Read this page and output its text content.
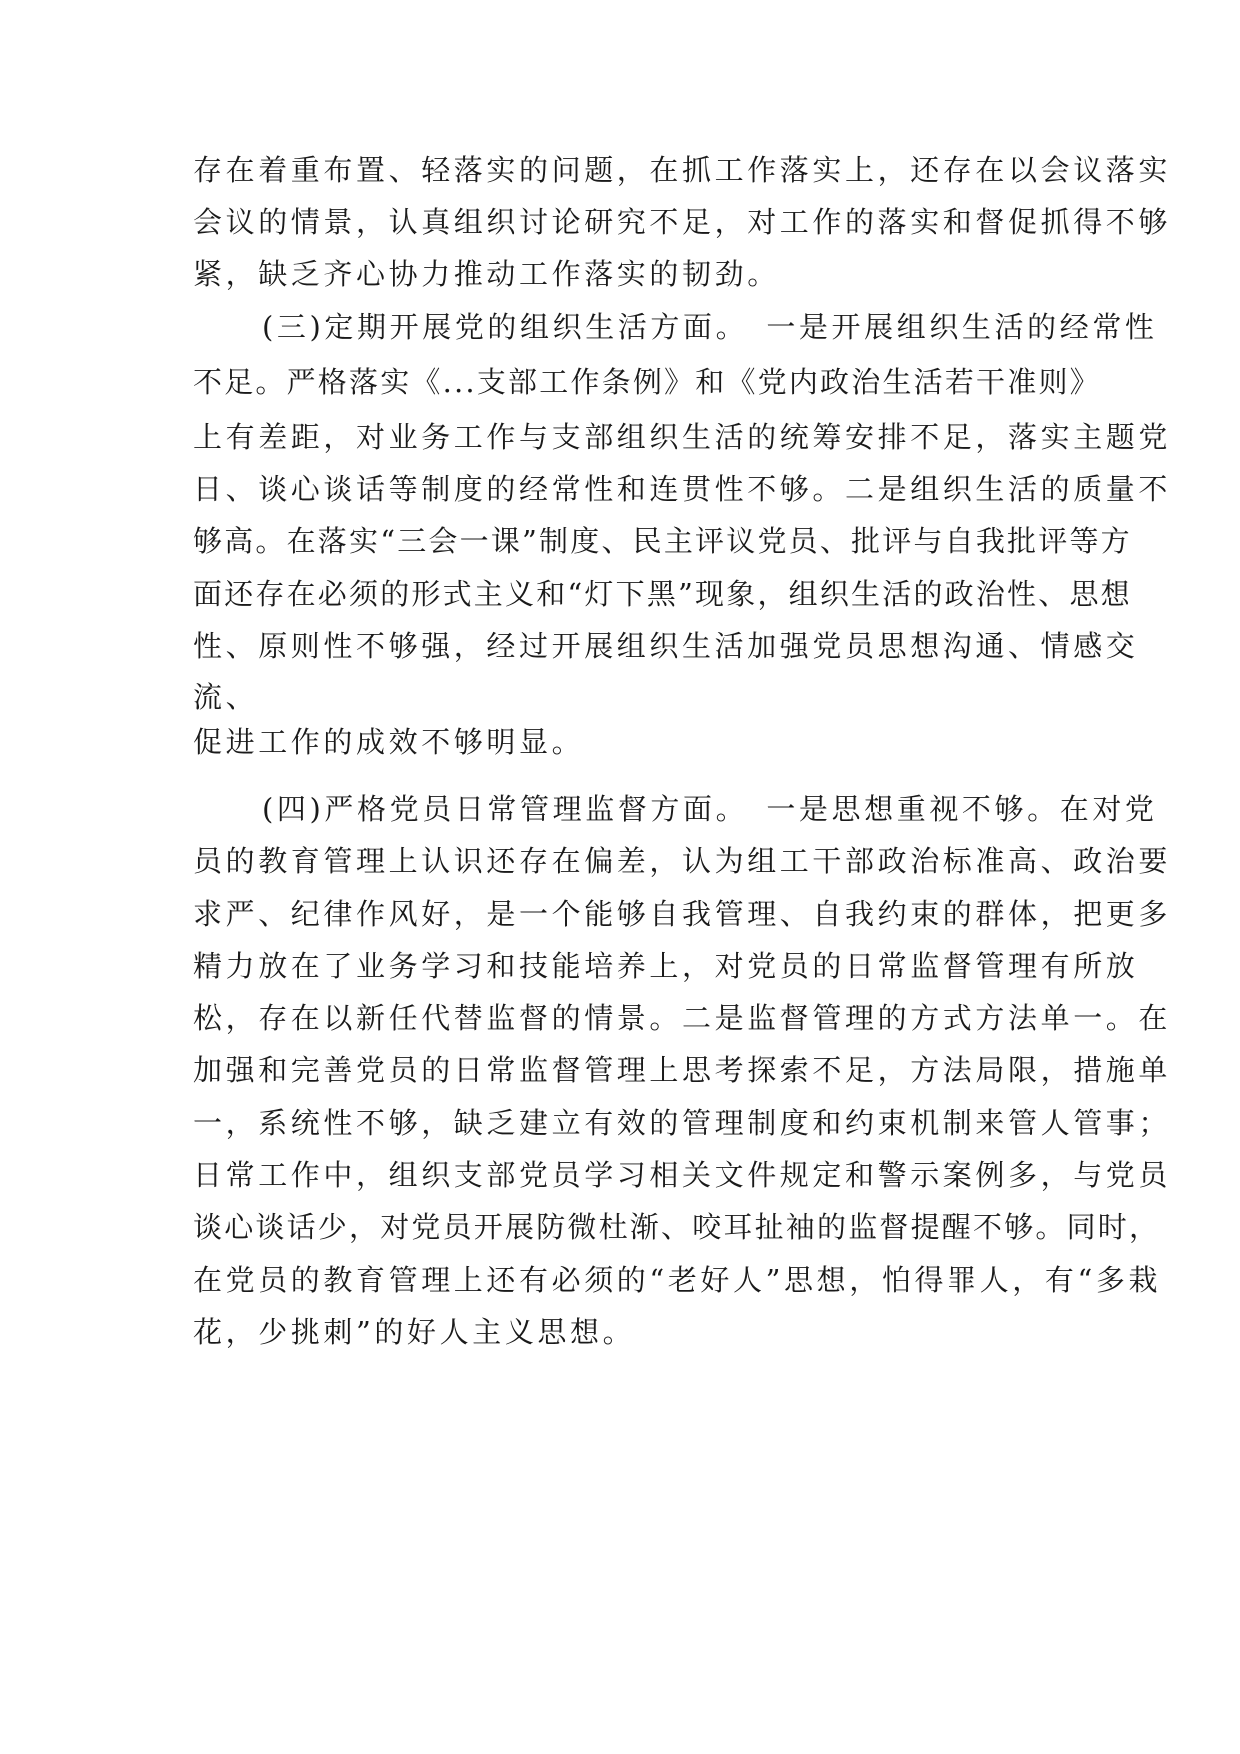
存在着重布置、轻落实的问题，在抓工作落实上，还存在以会议落实
会议的情景，认真组织讨论研究不足，对工作的落实和督促抓得不够
紧，缺乏齐心协力推动工作落实的韧劲。
(三)定期开展党的组织生活方面。　一是开展组织生活的经常性
不足。严格落实《...支部工作条例》和《党内政治生活若干准则》
上有差距，对业务工作与支部组织生活的统筹安排不足，落实主题党
日、谈心谈话等制度的经常性和连贯性不够。二是组织生活的质量不
够高。在落实“三会一课”制度、民主评议党员、批评与自我批评等方
面还存在必须的形式主义和“灯下黑”现象，组织生活的政治性、思想
性、原则性不够强，经过开展组织生活加强党员思想沟通、情感交
流、
促进工作的成效不够明显。
(四)严格党员日常管理监督方面。　一是思想重视不够。在对党
员的教育管理上认识还存在偏差，认为组工干部政治标准高、政治要
求严、纪律作风好，是一个能够自我管理、自我约束的群体，把更多
精力放在了业务学习和技能培养上，对党员的日常监督管理有所放
松，存在以新任代替监督的情景。二是监督管理的方式方法单一。在
加强和完善党员的日常监督管理上思考探索不足，方法局限，措施单
一，系统性不够，缺乏建立有效的管理制度和约束机制来管人管事；
日常工作中，组织支部党员学习相关文件规定和警示案例多，与党员
谈心谈话少，对党员开展防微杜渐、咬耳扯袖的监督提醒不够。同时，
在党员的教育管理上还有必须的“老好人”思想，怕得罪人，有“多栽
花，少挑刺”的好人主义思想。
